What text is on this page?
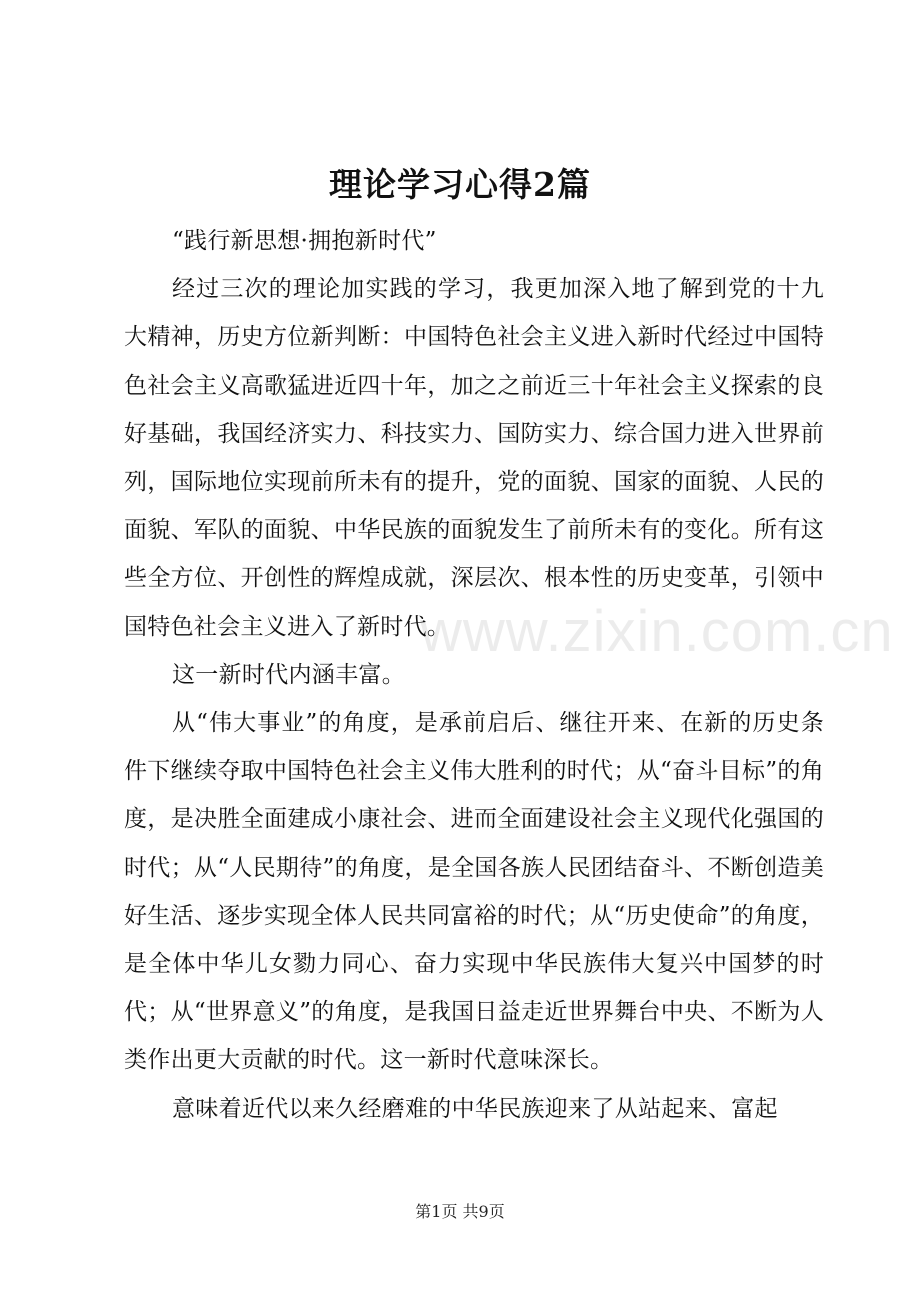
理论学习心得2篇

“践行新思想·拥抱新时代”

经过三次的理论加实践的学习，我更加深入地了解到党的十九大精神，历史方位新判断：中国特色社会主义进入新时代经过中国特色社会主义高歌猛进近四十年，加之之前近三十年社会主义探索的良好基础，我国经济实力、科技实力、国防实力、综合国力进入世界前列，国际地位实现前所未有的提升，党的面貌、国家的面貌、人民的面貌、军队的面貌、中华民族的面貌发生了前所未有的变化。所有这些全方位、开创性的辉煌成就，深层次、根本性的历史变革，引领中国特色社会主义进入了新时代。

这一新时代内涵丰富。

从“伟大事业”的角度，是承前启后、继往开来、在新的历史条件下继续夺取中国特色社会主义伟大胜利的时代；从“奋斗目标”的角度，是决胜全面建成小康社会、进而全面建设社会主义现代化强国的时代；从“人民期待”的角度，是全国各族人民团结奋斗、不断创造美好生活、逐步实现全体人民共同富裕的时代；从“历史使命”的角度，是全体中华儿女勠力同心、奋力实现中华民族伟大复兴中国梦的时代；从“世界意义”的角度，是我国日益走近世界舞台中央、不断为人类作出更大贡献的时代。这一新时代意味深长。

意味着近代以来久经磨难的中华民族迎来了从站起来、富起

www.zixin.com.cn
第1页 共9页
